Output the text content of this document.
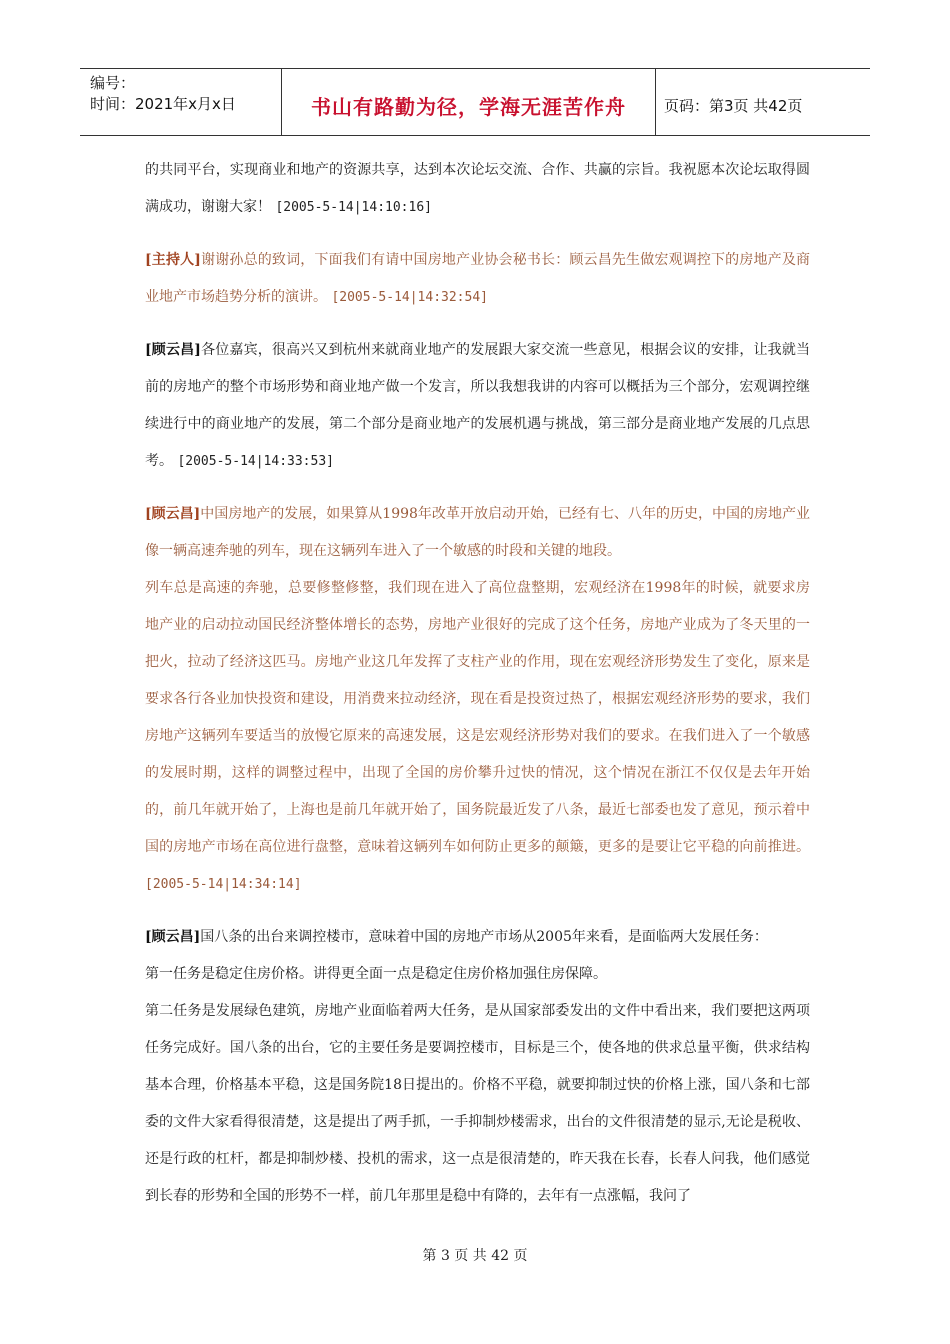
编号：
时间：2021年x月x日	书山有路勤为径，学海无涯苦作舟	页码：第3页 共42页

的共同平台，实现商业和地产的资源共享，达到本次论坛交流、合作、共赢的宗旨。我祝愿本次论坛取得圆满成功，谢谢大家！ [2005-5-14|14:10:16]

[主持人]谢谢孙总的致词，下面我们有请中国房地产业协会秘书长：顾云昌先生做宏观调控下的房地产及商业地产市场趋势分析的演讲。 [2005-5-14|14:32:54]

[顾云昌]各位嘉宾，很高兴又到杭州来就商业地产的发展跟大家交流一些意见，根据会议的安排，让我就当前的房地产的整个市场形势和商业地产做一个发言，所以我想我讲的内容可以概括为三个部分，宏观调控继续进行中的商业地产的发展，第二个部分是商业地产的发展机遇与挑战，第三部分是商业地产发展的几点思考。 [2005-5-14|14:33:53]

[顾云昌]中国房地产的发展，如果算从1998年改革开放启动开始，已经有七、八年的历史，中国的房地产业像一辆高速奔驰的列车，现在这辆列车进入了一个敏感的时段和关键的地段。

列车总是高速的奔驰，总要修整修整，我们现在进入了高位盘整期，宏观经济在1998年的时候，就要求房地产业的启动拉动国民经济整体增长的态势，房地产业很好的完成了这个任务，房地产业成为了冬天里的一把火，拉动了经济这匹马。房地产业这几年发挥了支柱产业的作用，现在宏观经济形势发生了变化，原来是要求各行各业加快投资和建设，用消费来拉动经济，现在看是投资过热了，根据宏观经济形势的要求，我们房地产这辆列车要适当的放慢它原来的高速发展，这是宏观经济形势对我们的要求。在我们进入了一个敏感的发展时期，这样的调整过程中，出现了全国的房价攀升过快的情况，这个情况在浙江不仅仅是去年开始的，前几年就开始了，上海也是前几年就开始了，国务院最近发了八条，最近七部委也发了意见，预示着中国的房地产市场在高位进行盘整，意味着这辆列车如何防止更多的颠簸，更多的是要让它平稳的向前推进。 [2005-5-14|14:34:14]

[顾云昌]国八条的出台来调控楼市，意味着中国的房地产市场从2005年来看，是面临两大发展任务：

第一任务是稳定住房价格。讲得更全面一点是稳定住房价格加强住房保障。

第二任务是发展绿色建筑，房地产业面临着两大任务，是从国家部委发出的文件中看出来，我们要把这两项任务完成好。国八条的出台，它的主要任务是要调控楼市，目标是三个，使各地的供求总量平衡，供求结构基本合理，价格基本平稳，这是国务院18日提出的。价格不平稳，就要抑制过快的价格上涨，国八条和七部委的文件大家看得很清楚，这是提出了两手抓，一手抑制炒楼需求，出台的文件很清楚的显示,无论是税收、还是行政的杠杆，都是抑制炒楼、投机的需求，这一点是很清楚的，昨天我在长春，长春人问我，他们感觉到长春的形势和全国的形势不一样，前几年那里是稳中有降的，去年有一点涨幅，我问了

第 3 页 共 42 页
